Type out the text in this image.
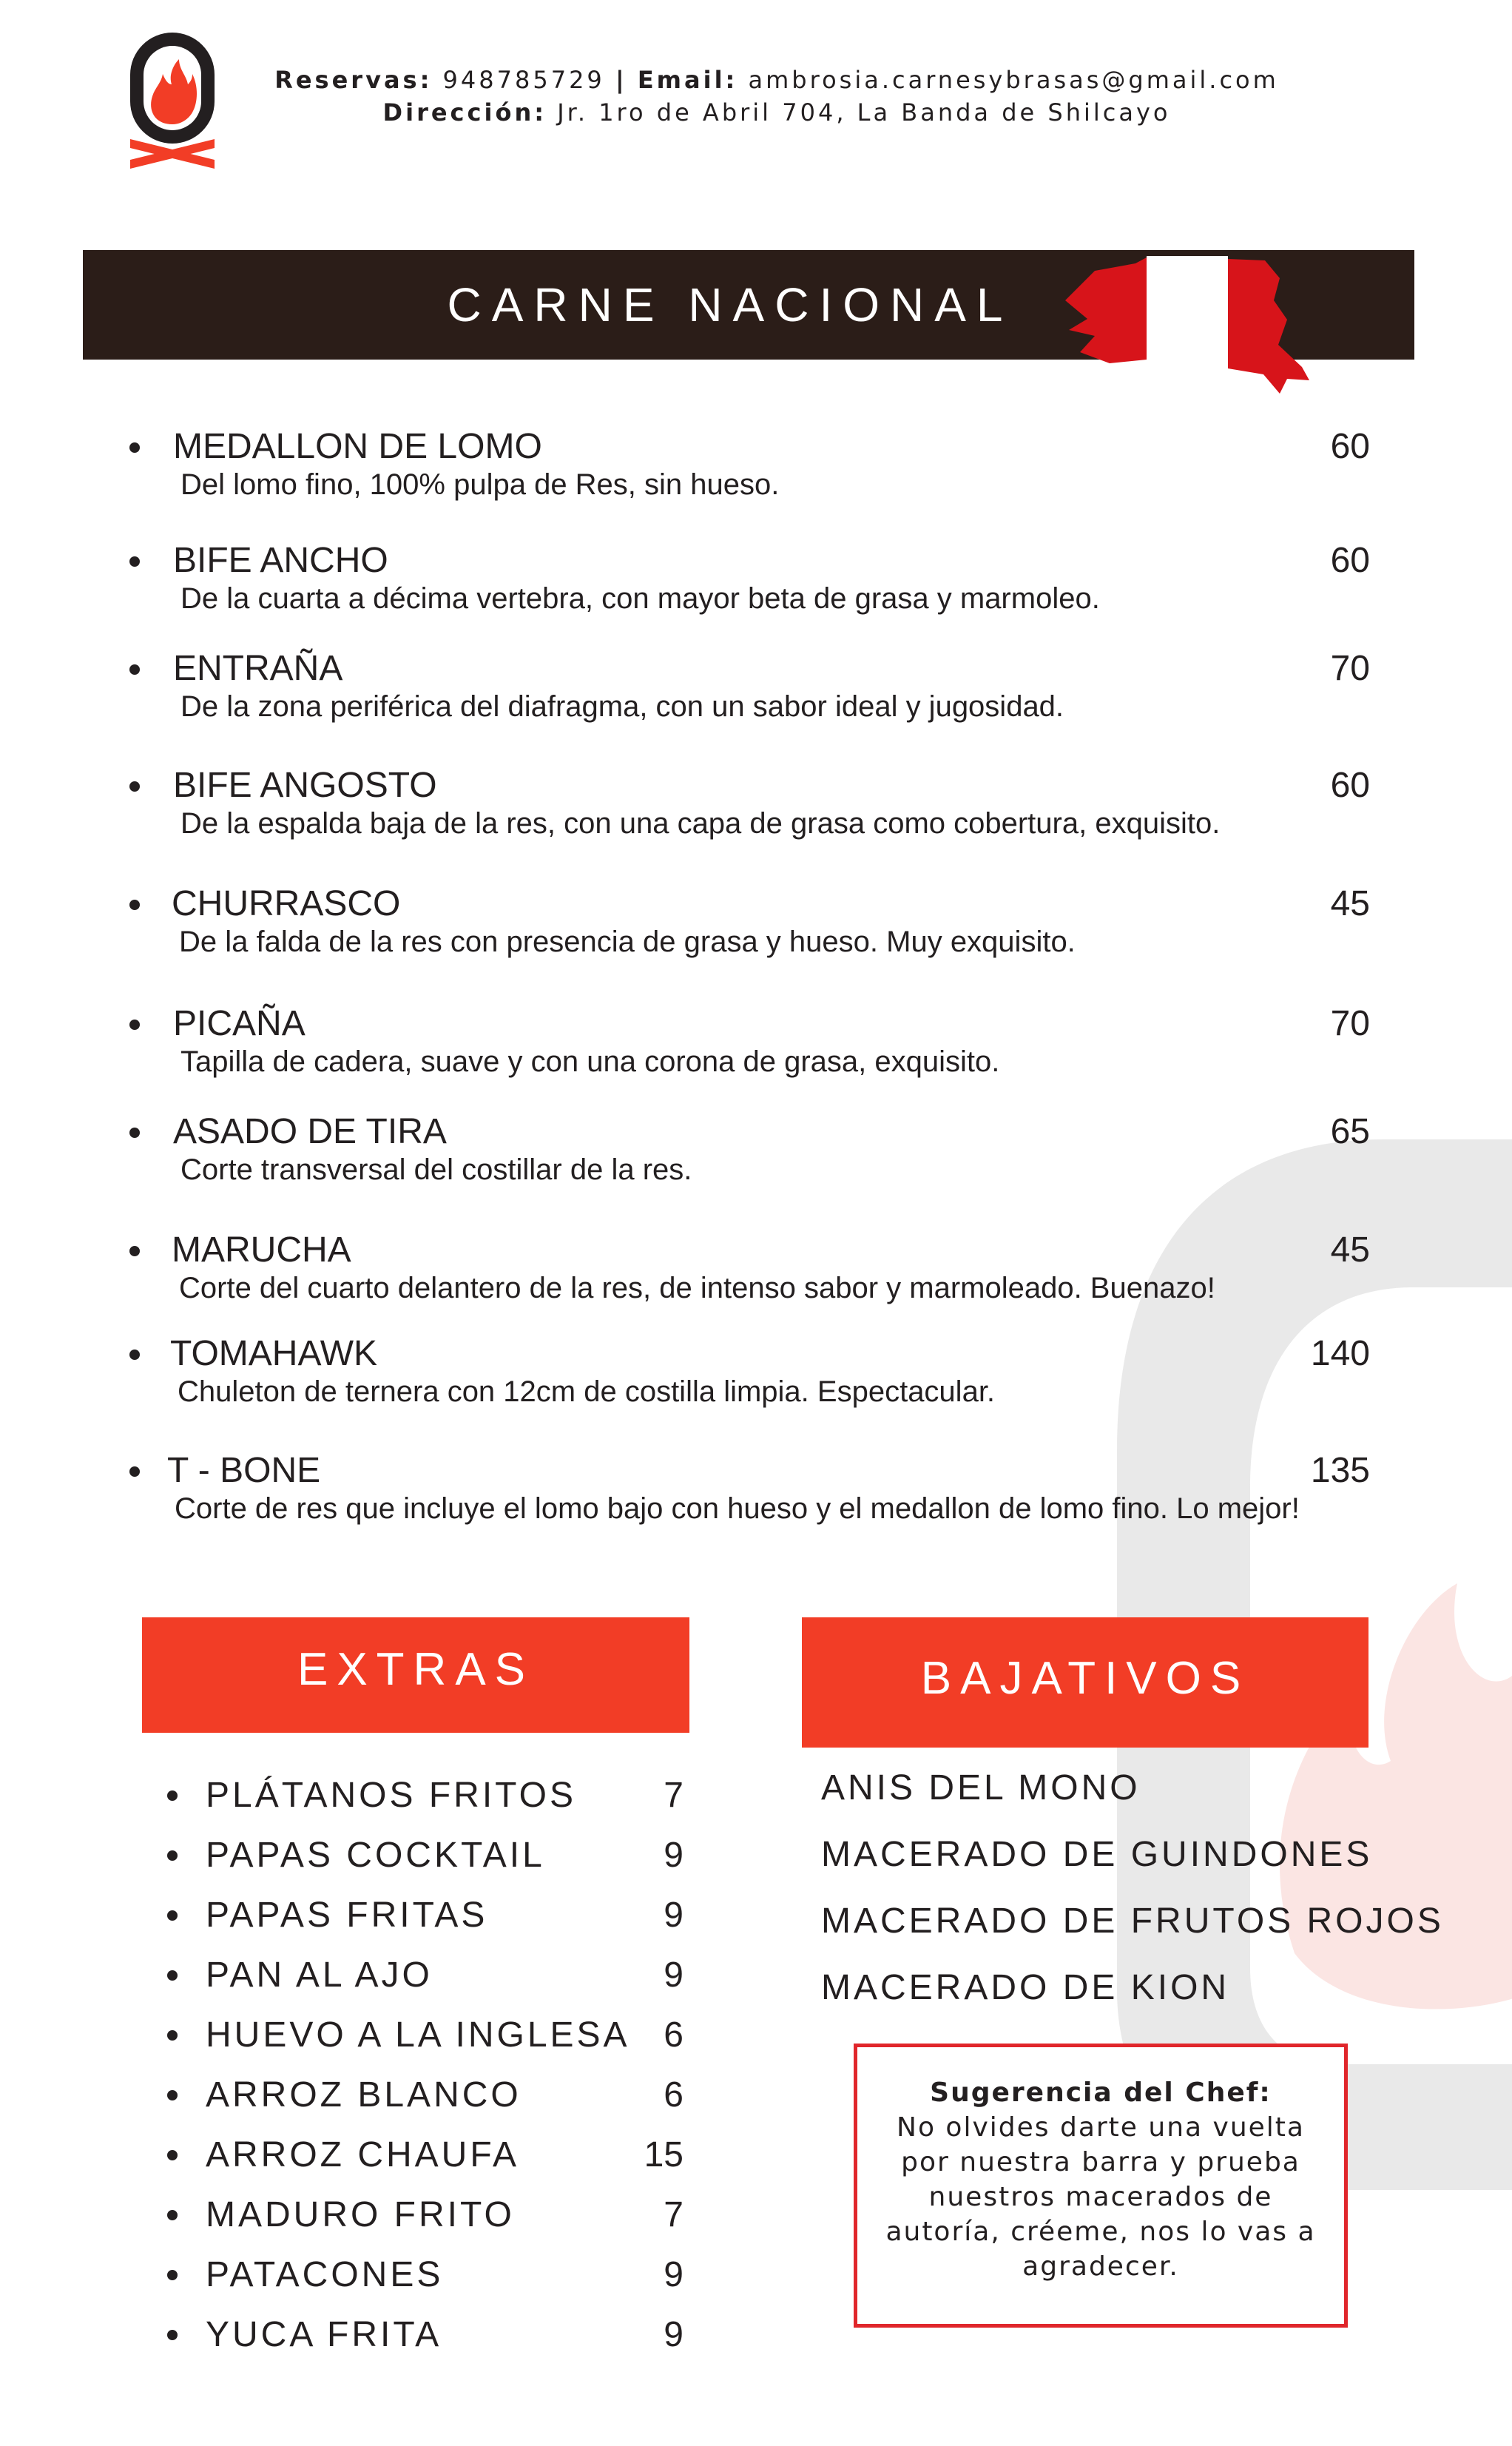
Reservas: 948785729 | Email: ambrosia.carnesybrasas@gmail.com
Dirección: Jr. 1ro de Abril 704, La Banda de Shilcayo
CARNE NACIONAL
MEDALLON DE LOMO	60
Del lomo fino, 100% pulpa de Res, sin hueso.
BIFE ANCHO	60
De la cuarta a décima vertebra, con mayor beta de grasa y marmoleo.
ENTRAÑA	70
De la zona periférica del diafragma, con un sabor ideal y jugosidad.
BIFE ANGOSTO	60
De la espalda baja de la res, con una capa de grasa como cobertura, exquisito.
CHURRASCO	45
De la falda de la res con presencia de grasa y hueso. Muy exquisito.
PICAÑA	70
Tapilla de cadera, suave y con una corona de grasa, exquisito.
ASADO DE TIRA	65
Corte transversal del costillar de la res.
MARUCHA	45
Corte del cuarto delantero de la res, de intenso sabor y marmoleado. Buenazo!
TOMAHAWK	140
Chuleton de ternera con 12cm de costilla limpia. Espectacular.
T - BONE	135
Corte de res que incluye el lomo bajo con hueso y el medallon de lomo fino. Lo mejor!
EXTRAS
PLÁTANOS FRITOS 7
PAPAS COCKTAIL	9
PAPAS FRITAS	9
PAN AL AJO	9
HUEVO A LA INGLESA 6
ARROZ BLANCO	6
ARROZ CHAUFA	15
MADURO FRITO	7
PATACONES	9
YUCA FRITA	9
BAJATIVOS
ANIS DEL MONO
MACERADO DE GUINDONES
MACERADO DE FRUTOS ROJOS
MACERADO DE KION
Sugerencia del Chef:
No olvides darte una vuelta por nuestra barra y prueba nuestros macerados de autoría, créeme, nos lo vas a agradecer.
